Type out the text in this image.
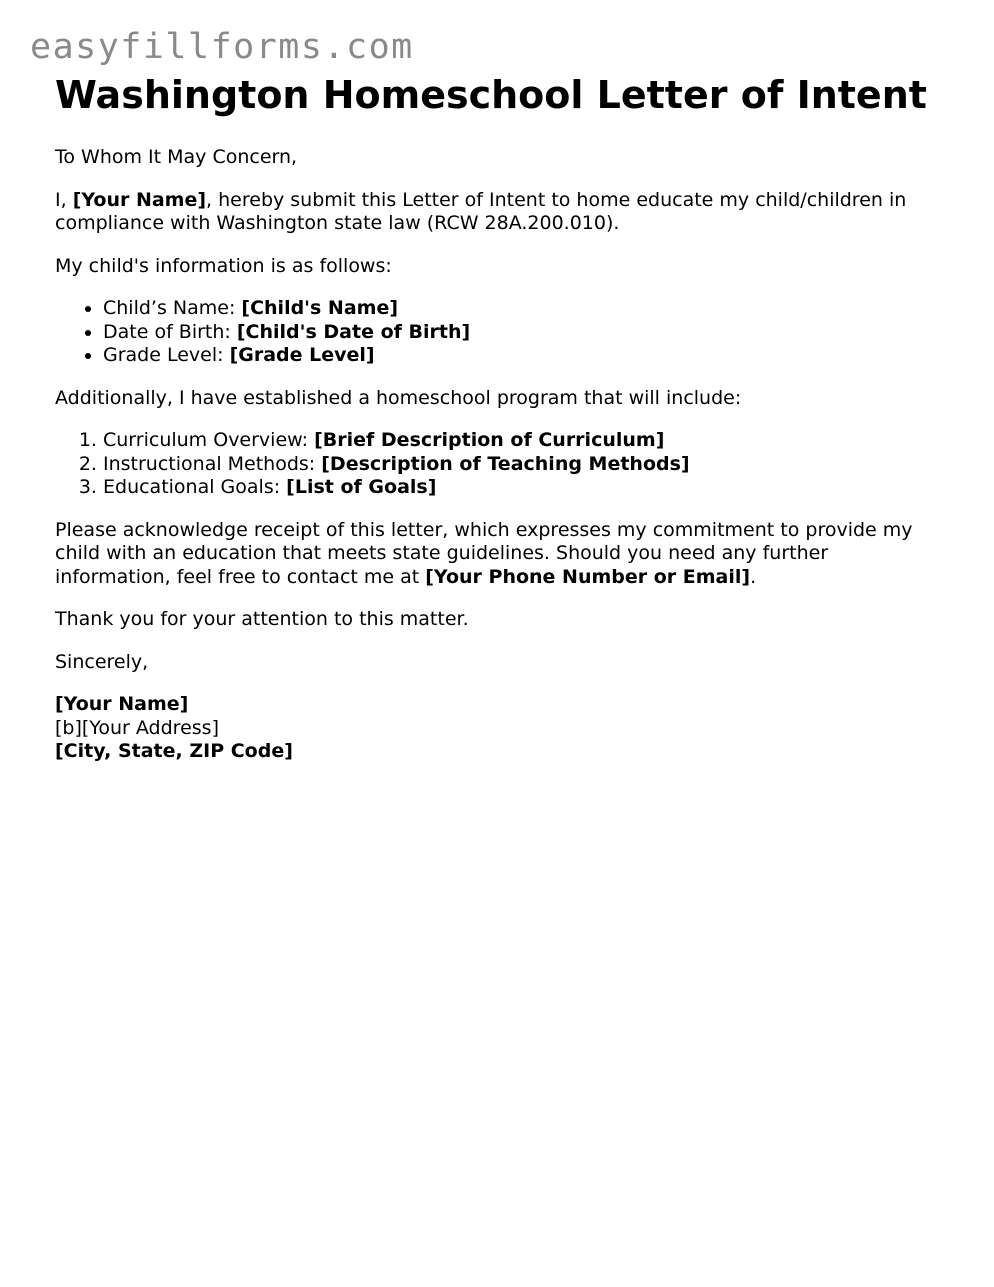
easyfillforms.com
Washington Homeschool Letter of Intent

To Whom It May Concern,

I, [Your Name], hereby submit this Letter of Intent to home educate my child/children in compliance with Washington state law (RCW 28A.200.010).

My child's information is as follows:

• Child’s Name: [Child's Name]
• Date of Birth: [Child's Date of Birth]
• Grade Level: [Grade Level]

Additionally, I have established a homeschool program that will include:

1. Curriculum Overview: [Brief Description of Curriculum]
2. Instructional Methods: [Description of Teaching Methods]
3. Educational Goals: [List of Goals]

Please acknowledge receipt of this letter, which expresses my commitment to provide my child with an education that meets state guidelines. Should you need any further information, feel free to contact me at [Your Phone Number or Email].

Thank you for your attention to this matter.

Sincerely,

[Your Name]
[b][Your Address]
[City, State, ZIP Code]
